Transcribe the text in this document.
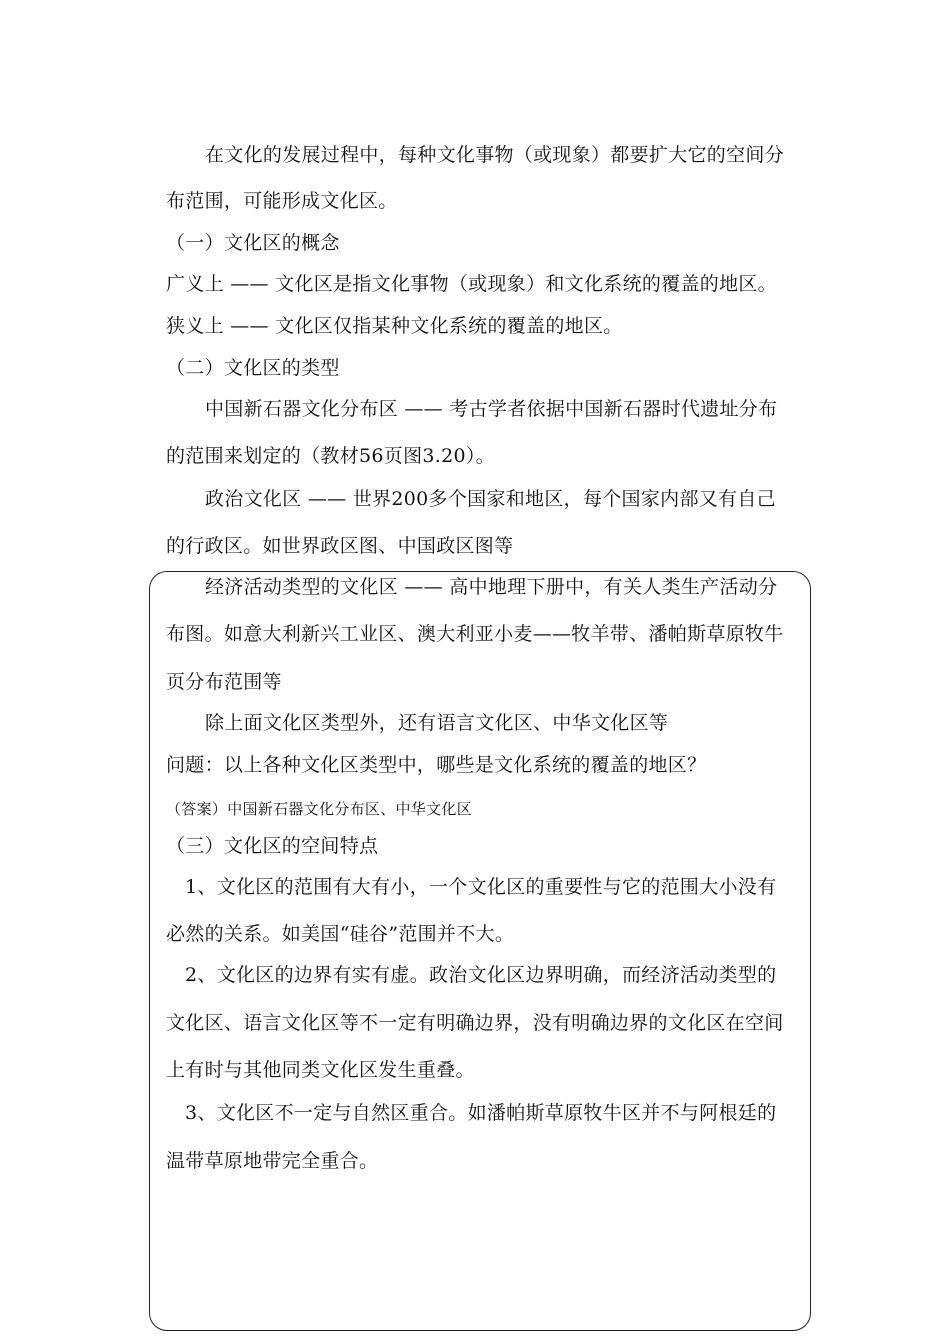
在文化的发展过程中，每种文化事物（或现象）都要扩大它的空间分
布范围，可能形成文化区。
（一）文化区的概念
广义上 —— 文化区是指文化事物（或现象）和文化系统的覆盖的地区。
狭义上 —— 文化区仅指某种文化系统的覆盖的地区。
（二）文化区的类型
中国新石器文化分布区 —— 考古学者依据中国新石器时代遗址分布
的范围来划定的（教材56页图3.20）。
政治文化区 —— 世界200多个国家和地区，每个国家内部又有自己
的行政区。如世界政区图、中国政区图等
经济活动类型的文化区 —— 高中地理下册中，有关人类生产活动分
布图。如意大利新兴工业区、澳大利亚小麦——牧羊带、潘帕斯草原牧牛
页分布范围等
除上面文化区类型外，还有语言文化区、中华文化区等
问题：以上各种文化区类型中，哪些是文化系统的覆盖的地区？
（答案）中国新石器文化分布区、中华文化区
（三）文化区的空间特点
1、文化区的范围有大有小，一个文化区的重要性与它的范围大小没有
必然的关系。如美国“硅谷”范围并不大。
2、文化区的边界有实有虚。政治文化区边界明确，而经济活动类型的
文化区、语言文化区等不一定有明确边界，没有明确边界的文化区在空间
上有时与其他同类文化区发生重叠。
3、文化区不一定与自然区重合。如潘帕斯草原牧牛区并不与阿根廷的
温带草原地带完全重合。
